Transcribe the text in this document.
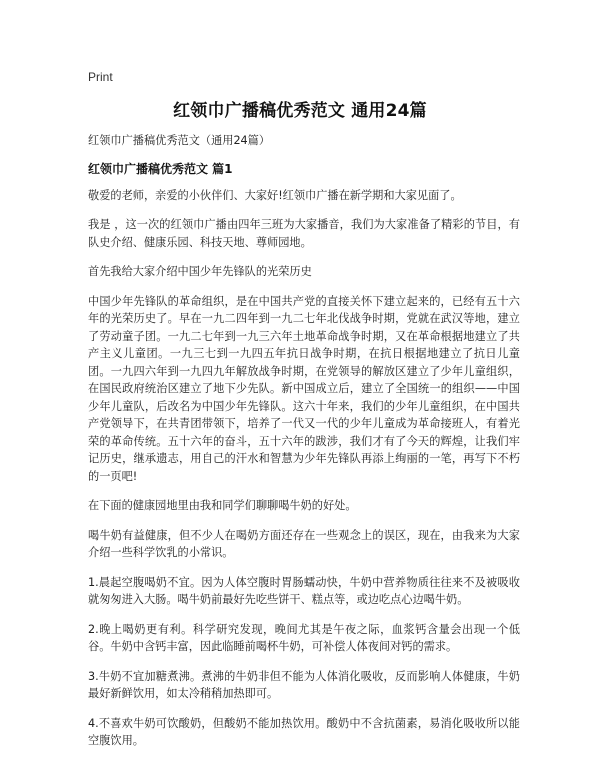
Print
红领巾广播稿优秀范文 通用24篇

红领巾广播稿优秀范文（通用24篇）

红领巾广播稿优秀范文 篇1

敬爱的老师，亲爱的小伙伴们、大家好!红领巾广播在新学期和大家见面了。

我是 ，这一次的红领巾广播由四年三班为大家播音，我们为大家准备了精彩的节目，有队史介绍、健康乐园、科技天地、尊师园地。

首先我给大家介绍中国少年先锋队的光荣历史

中国少年先锋队的革命组织，是在中国共产党的直接关怀下建立起来的，已经有五十六年的光荣历史了。早在一九二四年到一九二七年北伐战争时期，党就在武汉等地，建立了劳动童子团。一九二七年到一九三六年土地革命战争时期，又在革命根据地建立了共产主义儿童团。一九三七到一九四五年抗日战争时期，在抗日根据地建立了抗日儿童团。一九四六年到一九四九年解放战争时期，在党领导的解放区建立了少年儿童组织，在国民政府统治区建立了地下少先队。新中国成立后，建立了全国统一的组织——中国少年儿童队，后改名为中国少年先锋队。这六十年来，我们的少年儿童组织，在中国共产党领导下，在共青团带领下，培养了一代又一代的少年儿童成为革命接班人，有着光荣的革命传统。五十六年的奋斗，五十六年的跋涉，我们才有了今天的辉煌，让我们牢记历史，继承遗志，用自己的汗水和智慧为少年先锋队再添上绚丽的一笔，再写下不朽的一页吧!

在下面的健康园地里由我和同学们聊聊喝牛奶的好处。

喝牛奶有益健康，但不少人在喝奶方面还存在一些观念上的误区，现在，由我来为大家介绍一些科学饮乳的小常识。

1.晨起空腹喝奶不宜。因为人体空腹时胃肠蠕动快，牛奶中营养物质往往来不及被吸收就匆匆进入大肠。喝牛奶前最好先吃些饼干、糕点等，或边吃点心边喝牛奶。

2.晚上喝奶更有利。科学研究发现，晚间尤其是午夜之际，血浆钙含量会出现一个低谷。牛奶中含钙丰富，因此临睡前喝杯牛奶，可补偿人体夜间对钙的需求。

3.牛奶不宜加糖煮沸。煮沸的牛奶非但不能为人体消化吸收，反而影响人体健康，牛奶最好新鲜饮用，如太冷稍稍加热即可。

4.不喜欢牛奶可饮酸奶，但酸奶不能加热饮用。酸奶中不含抗菌素，易消化吸收所以能空腹饮用。
